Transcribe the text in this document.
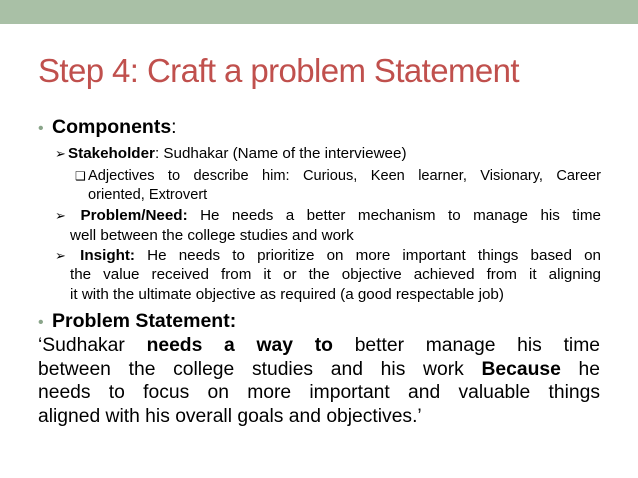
Step 4: Craft a problem Statement
• Components:
➢ Stakeholder: Sudhakar (Name of the interviewee)
❑ Adjectives to describe him: Curious, Keen learner, Visionary, Career
oriented, Extrovert
➢ Problem/Need: He needs a better mechanism to manage his time
well between the college studies and work
➢ Insight: He needs to prioritize on more important things based on
the value received from it or the objective achieved from it aligning
it with the ultimate objective as required (a good respectable job)
• Problem Statement:
‘Sudhakar needs a way to better manage his time
between the college studies and his work Because he
needs to focus on more important and valuable things
aligned with his overall goals and objectives.’
